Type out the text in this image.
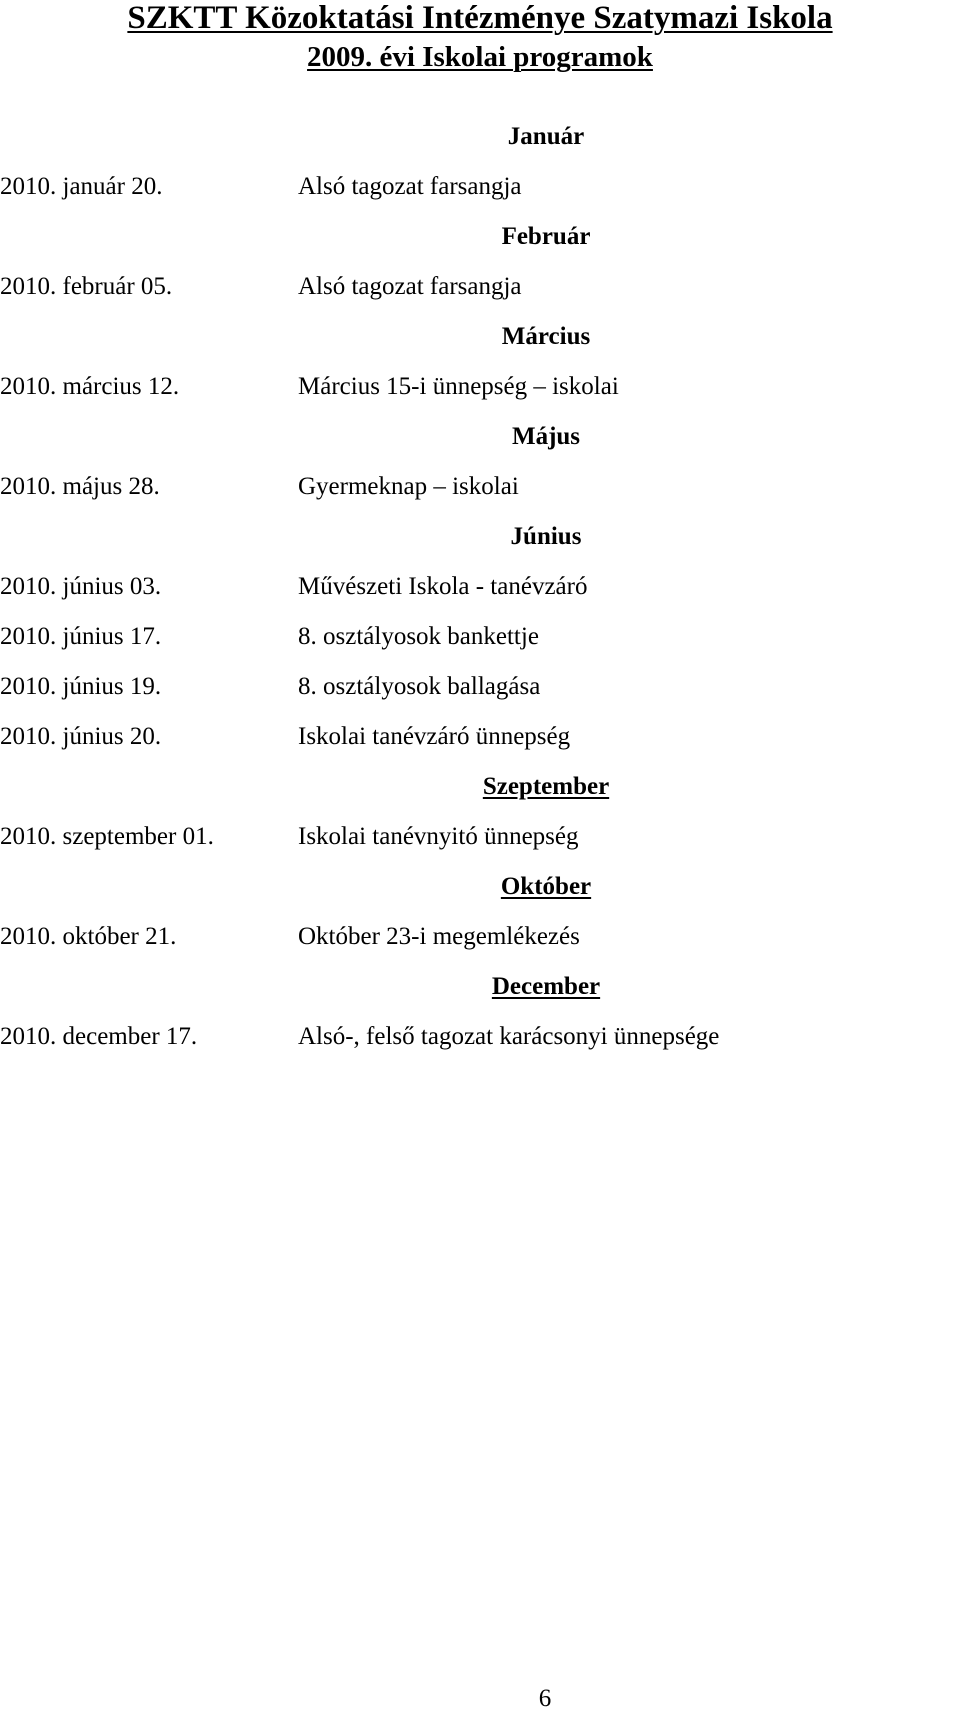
SZKTT Közoktatási Intézménye Szatymazi Iskola
2009. évi Iskolai programok
Január
2010. január 20.	Alsó tagozat farsangja
Február
2010. február 05.	Alsó tagozat farsangja
Március
2010. március 12.	Március 15-i ünnepség – iskolai
Május
2010. május 28.	Gyermeknap – iskolai
Június
2010. június 03.	Művészeti Iskola - tanévzáró
2010. június 17.	8. osztályosok bankettje
2010. június 19.	8. osztályosok ballagása
2010. június 20.	Iskolai tanévzáró ünnepség
Szeptember
2010. szeptember 01.	Iskolai tanévnyitó ünnepség
Október
2010. október 21.	Október 23-i megemlékezés
December
2010. december 17.	Alsó-, felső tagozat karácsonyi ünnepsége
6
